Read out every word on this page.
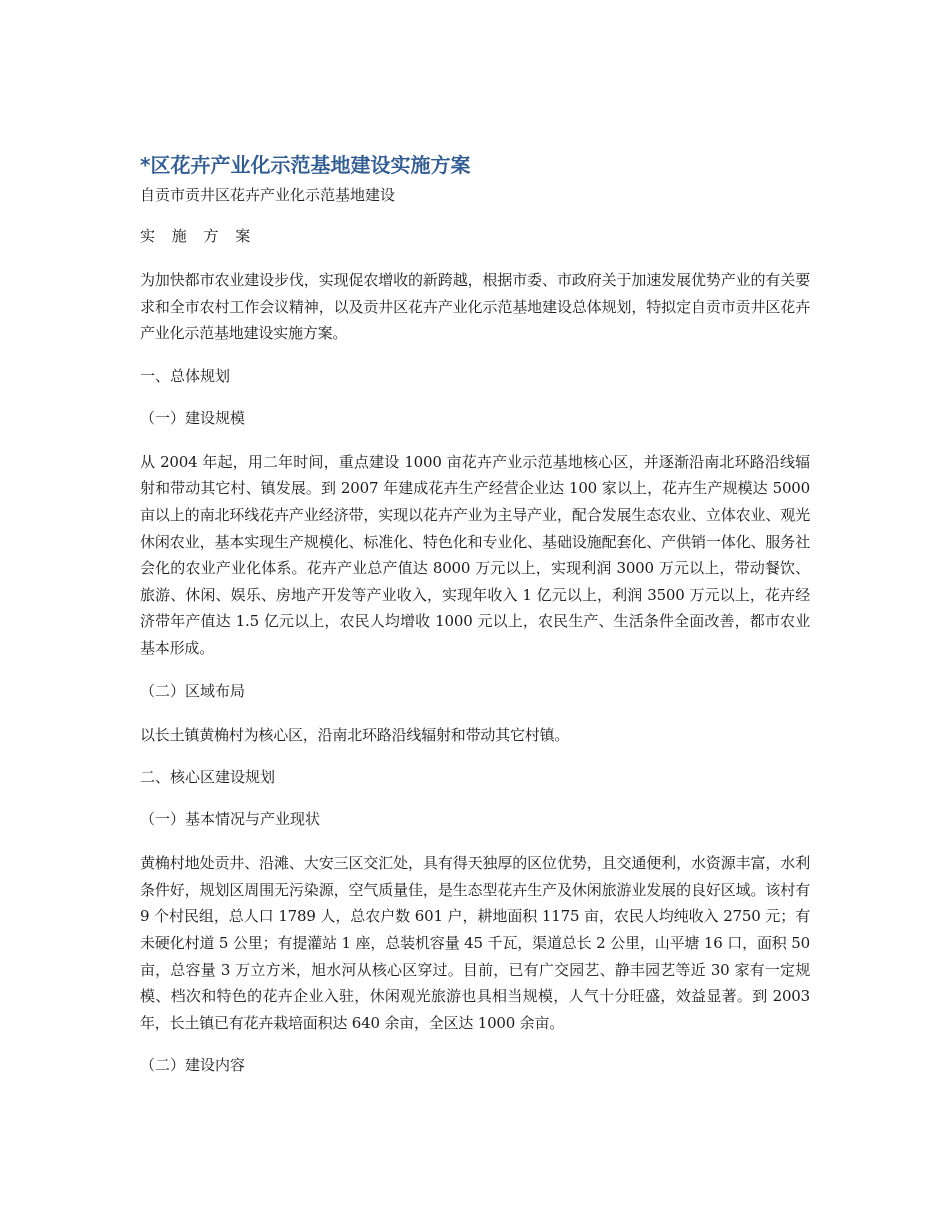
*区花卉产业化示范基地建设实施方案
自贡市贡井区花卉产业化示范基地建设
实 施 方 案

为加快都市农业建设步伐，实现促农增收的新跨越，根据市委、市政府关于加速发展优势产业的有关要求和全市农村工作会议精神，以及贡井区花卉产业化示范基地建设总体规划，特拟定自贡市贡井区花卉产业化示范基地建设实施方案。

一、总体规划
（一）建设规模

从 2004 年起，用二年时间，重点建设 1000 亩花卉产业示范基地核心区，并逐渐沿南北环路沿线辐射和带动其它村、镇发展。到 2007 年建成花卉生产经营企业达 100 家以上，花卉生产规模达 5000 亩以上的南北环线花卉产业经济带，实现以花卉产业为主导产业，配合发展生态农业、立体农业、观光休闲农业，基本实现生产规模化、标准化、特色化和专业化、基础设施配套化、产供销一体化、服务社会化的农业产业化体系。花卉产业总产值达 8000 万元以上，实现利润 3000 万元以上，带动餐饮、旅游、休闲、娱乐、房地产开发等产业收入，实现年收入 1 亿元以上，利润 3500 万元以上，花卉经济带年产值达 1.5 亿元以上，农民人均增收 1000 元以上，农民生产、生活条件全面改善，都市农业基本形成。

（二）区域布局

以长土镇黄桷村为核心区，沿南北环路沿线辐射和带动其它村镇。

二、核心区建设规划
（一）基本情况与产业现状

黄桷村地处贡井、沿滩、大安三区交汇处，具有得天独厚的区位优势，且交通便利，水资源丰富，水利条件好，规划区周围无污染源，空气质量佳，是生态型花卉生产及休闲旅游业发展的良好区域。该村有 9 个村民组，总人口 1789 人，总农户数 601 户，耕地面积 1175 亩，农民人均纯收入 2750 元；有未硬化村道 5 公里；有提灌站 1 座，总装机容量 45 千瓦，渠道总长 2 公里，山平塘 16 口，面积 50 亩，总容量 3 万立方米，旭水河从核心区穿过。目前，已有广交园艺、静丰园艺等近 30 家有一定规模、档次和特色的花卉企业入驻，休闲观光旅游也具相当规模，人气十分旺盛，效益显著。到 2003 年，长土镇已有花卉栽培面积达 640 余亩，全区达 1000 余亩。

（二）建设内容
